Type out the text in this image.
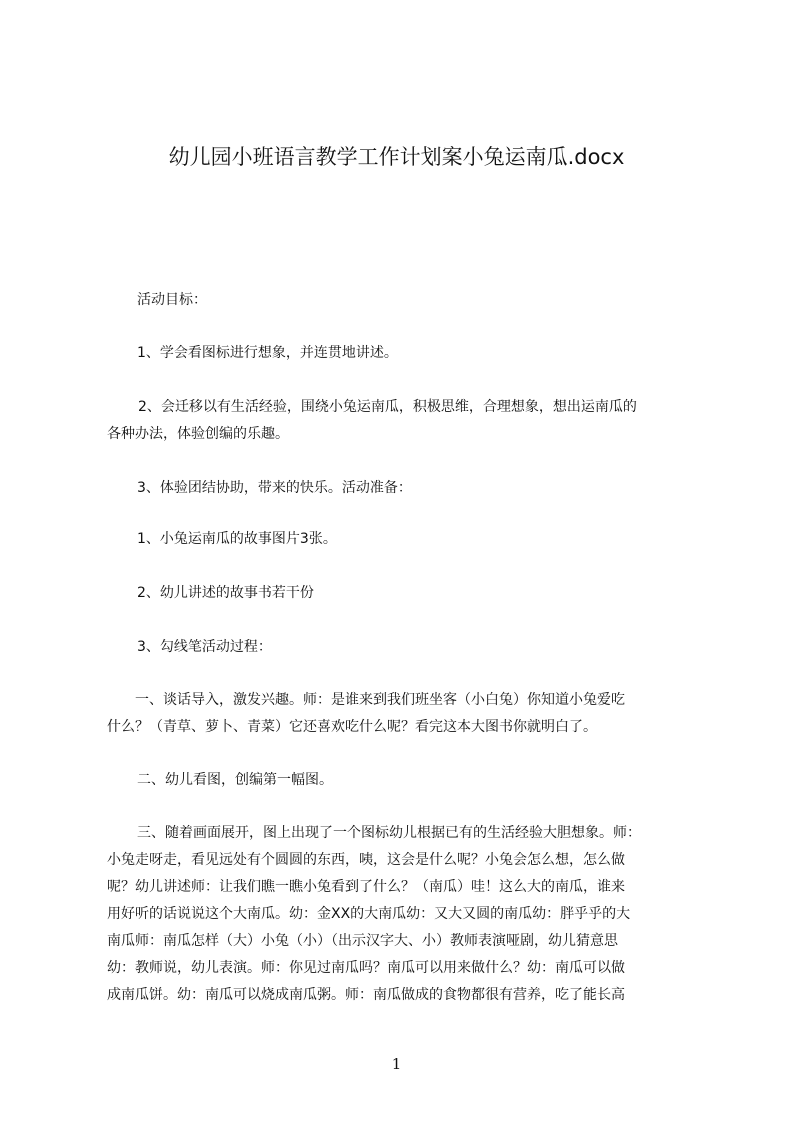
幼儿园小班语言教学工作计划案小兔运南瓜.docx
活动目标：
1、学会看图标进行想象，并连贯地讲述。
2、会迁移以有生活经验，围绕小兔运南瓜，积极思维，合理想象，想出运南瓜的
各种办法，体验创编的乐趣。
3、体验团结协助，带来的快乐。活动准备：
1、小兔运南瓜的故事图片3张。
2、幼儿讲述的故事书若干份
3、勾线笔活动过程：
一、谈话导入，激发兴趣。师：是谁来到我们班坐客（小白兔）你知道小兔爱吃
什么？（青草、萝卜、青菜）它还喜欢吃什么呢？看完这本大图书你就明白了。
二、幼儿看图，创编第一幅图。
三、随着画面展开，图上出现了一个图标幼儿根据已有的生活经验大胆想象。师：
小兔走呀走，看见远处有个圆圆的东西，咦，这会是什么呢？小兔会怎么想，怎么做
呢？幼儿讲述师：让我们瞧一瞧小兔看到了什么？（南瓜）哇！这么大的南瓜，谁来
用好听的话说说这个大南瓜。幼：金XX的大南瓜幼：又大又圆的南瓜幼：胖乎乎的大
南瓜师：南瓜怎样（大）小兔（小）（出示汉字大、小）教师表演哑剧，幼儿猜意思
幼：教师说，幼儿表演。师：你见过南瓜吗？南瓜可以用来做什么？幼：南瓜可以做
成南瓜饼。幼：南瓜可以烧成南瓜粥。师：南瓜做成的食物都很有营养，吃了能长高
1
